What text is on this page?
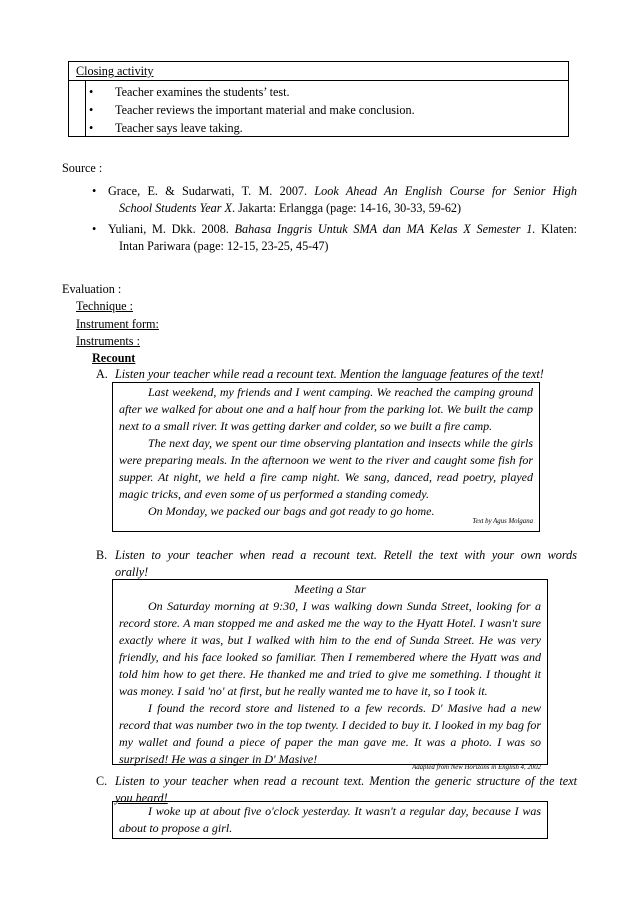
Closing activity
• Teacher examines the students’ test.
• Teacher reviews the important material and make conclusion.
• Teacher says leave taking.
Source :
• Grace, E. & Sudarwati, T. M. 2007. Look Ahead An English Course for Senior High
School Students Year X. Jakarta: Erlangga (page: 14-16, 30-33, 59-62)
• Yuliani, M. Dkk. 2008. Bahasa Inggris Untuk SMA dan MA Kelas X Semester 1. Klaten:
Intan Pariwara (page: 12-15, 23-25, 45-47)
Evaluation :
Technique :
Instrument form:
Instruments :
Recount
A. Listen your teacher while read a recount text. Mention the language features of the text!

Last weekend, my friends and I went camping. We reached the camping ground after we walked for about one and a half hour from the parking lot. We built the camp next to a small river. It was getting darker and colder, so we built a fire camp.

The next day, we spent our time observing plantation and insects while the girls were preparing meals. In the afternoon we went to the river and caught some fish for supper. At night, we held a fire camp night. We sang, danced, read poetry, played magic tricks, and even some of us performed a standing comedy.

On Monday, we packed our bags and got ready to go home.

Text by Agus Molgana
B. Listen to your teacher when read a recount text. Retell the text with your own words
orally!

Meeting a Star

On Saturday morning at 9:30, I was walking down Sunda Street, looking for a record store. A man stopped me and asked me the way to the Hyatt Hotel. I wasn't sure exactly where it was, but I walked with him to the end of Sunda Street. He was very friendly, and his face looked so familiar. Then I remembered where the Hyatt was and told him how to get there. He thanked me and tried to give me something. I thought it was money. I said 'no' at first, but he really wanted me to have it, so I took it.

I found the record store and listened to a few records. D' Masive had a new record that was number two in the top twenty. I decided to buy it. I looked in my bag for my wallet and found a piece of paper the man gave me. It was a photo. I was so surprised! He was a singer in D' Masive!

Adapted from New Horizons in English 4, 2002
C. Listen to your teacher when read a recount text. Mention the generic structure of the text
you heard!

I woke up at about five o'clock yesterday. It wasn't a regular day, because I was about to propose a girl.
